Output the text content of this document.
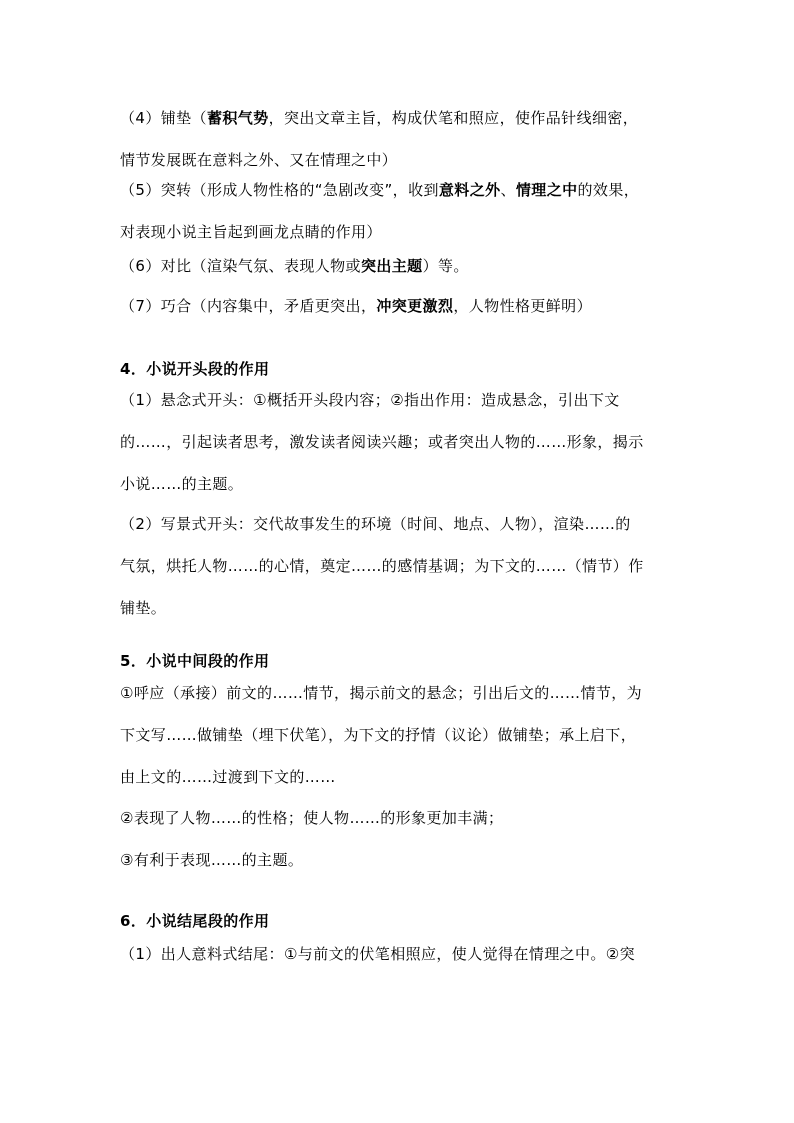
（4）铺垫（蓄积气势，突出文章主旨，构成伏笔和照应，使作品针线细密，
情节发展既在意料之外、又在情理之中）
（5）突转（形成人物性格的“急剧改变”，收到意料之外、情理之中的效果，
对表现小说主旨起到画龙点睛的作用）
（6）对比（渲染气氛、表现人物或突出主题）等。
（7）巧合（内容集中，矛盾更突出，冲突更激烈，人物性格更鲜明）
4．小说开头段的作用
（1）悬念式开头：①概括开头段内容；②指出作用：造成悬念，引出下文
的……，引起读者思考，激发读者阅读兴趣；或者突出人物的……形象，揭示
小说……的主题。
（2）写景式开头：交代故事发生的环境（时间、地点、人物），渲染……的
气氛，烘托人物……的心情，奠定……的感情基调；为下文的……（情节）作
铺垫。
5．小说中间段的作用
①呼应（承接）前文的……情节，揭示前文的悬念；引出后文的……情节，为
下文写……做铺垫（埋下伏笔），为下文的抒情（议论）做铺垫；承上启下，
由上文的……过渡到下文的……
②表现了人物……的性格；使人物……的形象更加丰满；
③有利于表现……的主题。
6．小说结尾段的作用
（1）出人意料式结尾：①与前文的伏笔相照应，使人觉得在情理之中。②突
